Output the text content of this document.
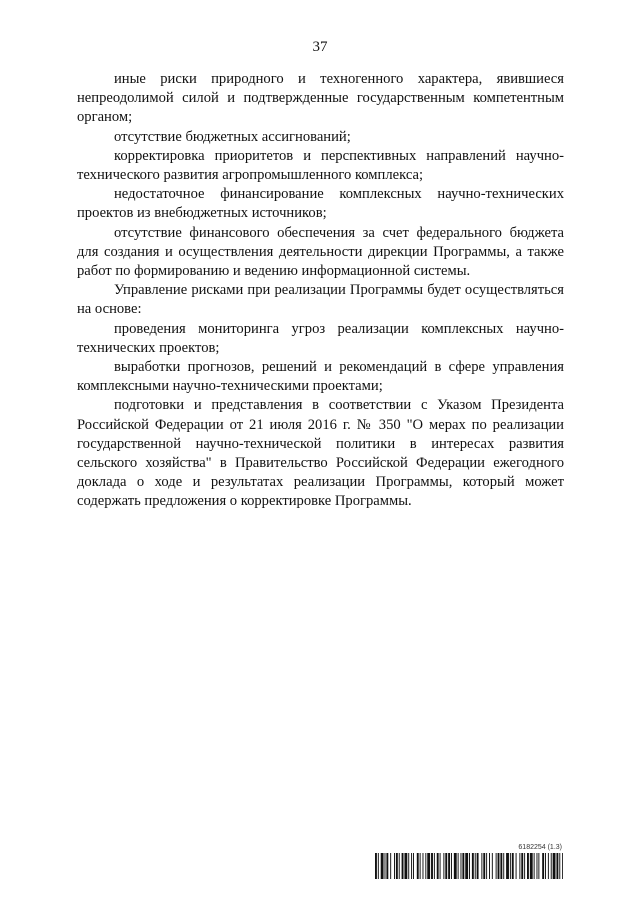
37

иные риски природного и техногенного характера, явившиеся непреодолимой силой и подтвержденные государственным компетентным органом;

отсутствие бюджетных ассигнований;

корректировка приоритетов и перспективных направлений научно-технического развития агропромышленного комплекса;

недостаточное финансирование комплексных научно-технических проектов из внебюджетных источников;

отсутствие финансового обеспечения за счет федерального бюджета для создания и осуществления деятельности дирекции Программы, а также работ по формированию и ведению информационной системы.

Управление рисками при реализации Программы будет осуществляться на основе:

проведения мониторинга угроз реализации комплексных научно-технических проектов;

выработки прогнозов, решений и рекомендаций в сфере управления комплексными научно-техническими проектами;

подготовки и представления в соответствии с Указом Президента Российской Федерации от 21 июля 2016 г. № 350 "О мерах по реализации государственной научно-технической политики в интересах развития сельского хозяйства" в Правительство Российской Федерации ежегодного доклада о ходе и результатах реализации Программы, который может содержать предложения о корректировке Программы.

6182254 (1.3)
